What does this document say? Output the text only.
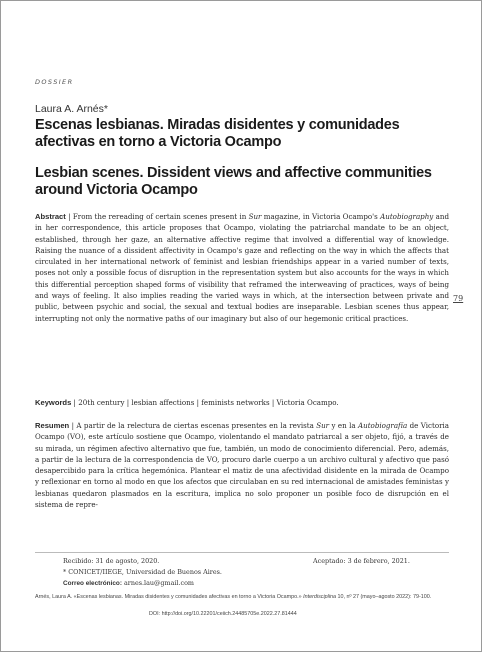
DOSSIER
Laura A. Arnés*
Escenas lesbianas. Miradas disidentes y comunidades afectivas en torno a Victoria Ocampo
Lesbian scenes. Dissident views and affective communities around Victoria Ocampo

Abstract | From the rereading of certain scenes present in Sur magazine, in Victoria Ocampo's Autobiography and in her correspondence, this article proposes that Ocampo, violating the patriarchal mandate to be an object, established, through her gaze, an alternative affective regime that involved a differential way of knowledge. Raising the nuance of a dissident affectivity in Ocampo's gaze and reflecting on the way in which the affects that circulated in her international network of feminist and lesbian friendships appear in a varied number of texts, poses not only a possible focus of disruption in the representation system but also accounts for the ways in which this differential perception shaped forms of visibility that reframed the interweaving of practices, ways of being and ways of feeling. It also implies reading the varied ways in which, at the intersection between private and public, between psychic and social, the sexual and textual bodies are inseparable. Lesbian scenes thus appear, interrupting not only the normative paths of our imaginary but also of our hegemonic critical practices.

Keywords | 20th century | lesbian affections | feminists networks | Victoria Ocampo.

Resumen | A partir de la relectura de ciertas escenas presentes en la revista Sur y en la Autobiografía de Victoria Ocampo (VO), este artículo sostiene que Ocampo, violentando el mandato patriarcal a ser objeto, fijó, a través de su mirada, un régimen afectivo alternativo que fue, también, un modo de conocimiento diferencial. Pero, además, a partir de la lectura de la correspondencia de VO, procuro darle cuerpo a un archivo cultural y afectivo que pasó desapercibido para la crítica hegemónica. Plantear el matiz de una afectividad disidente en la mirada de Ocampo y reflexionar en torno al modo en que los afectos que circulaban en su red internacional de amistades feministas y lesbianas quedaron plasmados en la escritura, implica no solo proponer un posible foco de disrupción en el sistema de repre-

79
Recibido: 31 de agosto, 2020.	Aceptado: 3 de febrero, 2021.
* CONICET/IIEGE, Universidad de Buenos Aires.
Correo electrónico: arnes.lau@gmail.com
Arnés, Laura A. «Escenas lesbianas. Miradas disidentes y comunidades afectivas en torno a Victoria Ocampo.» Interdisciplina 10, nº 27 (mayo–agosto 2022): 79-100.
DOI: http://doi.org/10.22201/ceiich.24485705e.2022.27.81444
